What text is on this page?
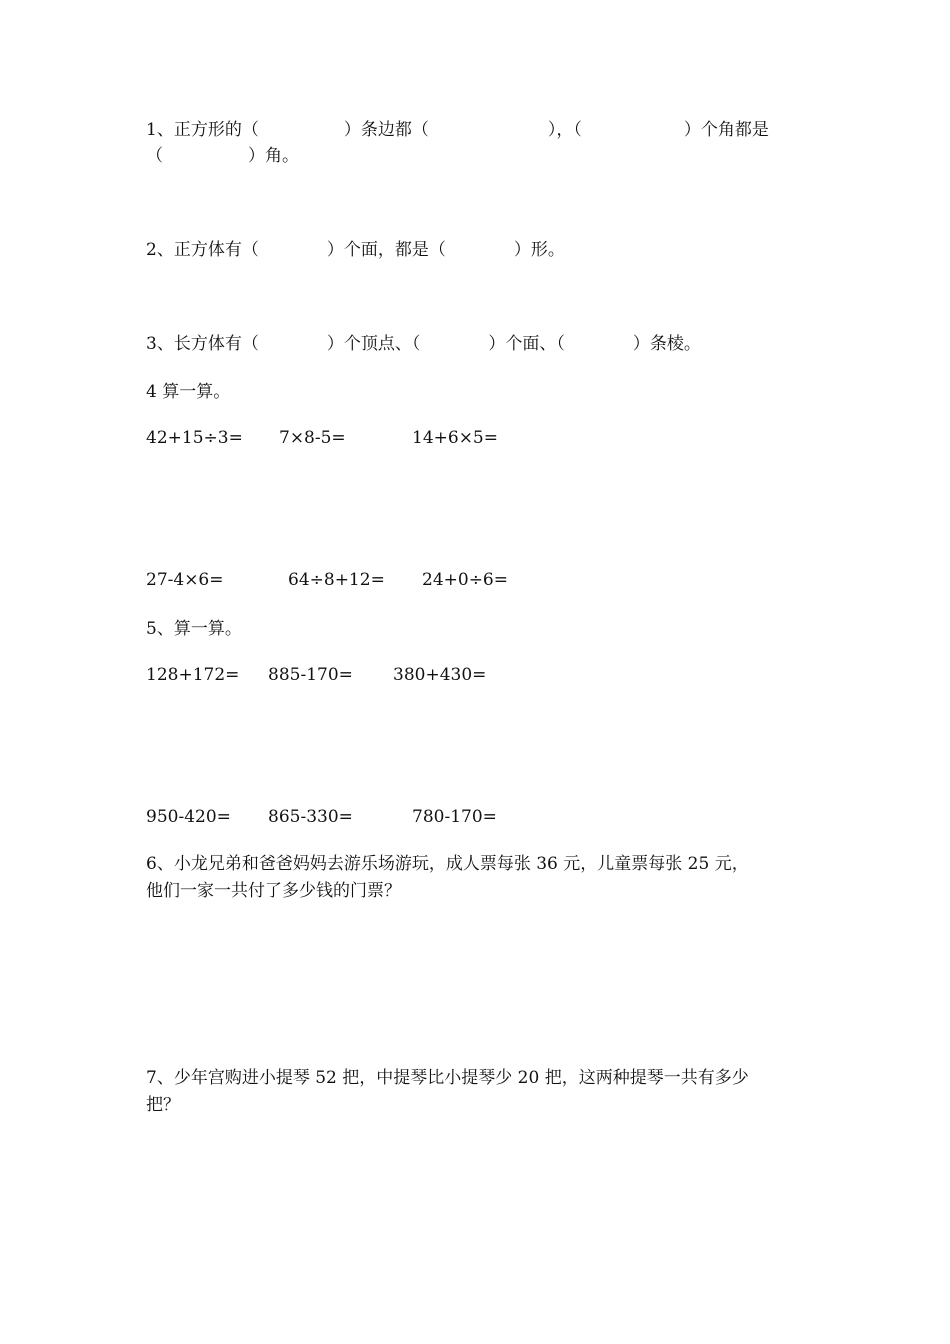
1、正方形的（　　　　　）条边都（　　　　　　　），（　　　　　　）个角都是
（　　　　　）角。
2、正方体有（　　　　）个面，都是（　　　　）形。
3、长方体有（　　　　）个顶点、（　　　　）个面、（　　　　）条棱。
4 算一算。
42+15÷3= 7×8-5=	14+6×5=
27-4×6=	64÷8+12= 24+0÷6=
5、算一算。
128+172= 885-170= 380+430=
950-420= 865-330=	780-170=
6、小龙兄弟和爸爸妈妈去游乐场游玩，成人票每张 36 元，儿童票每张 25 元，
他们一家一共付了多少钱的门票？
7、少年宫购进小提琴 52 把，中提琴比小提琴少 20 把，这两种提琴一共有多少
把？
